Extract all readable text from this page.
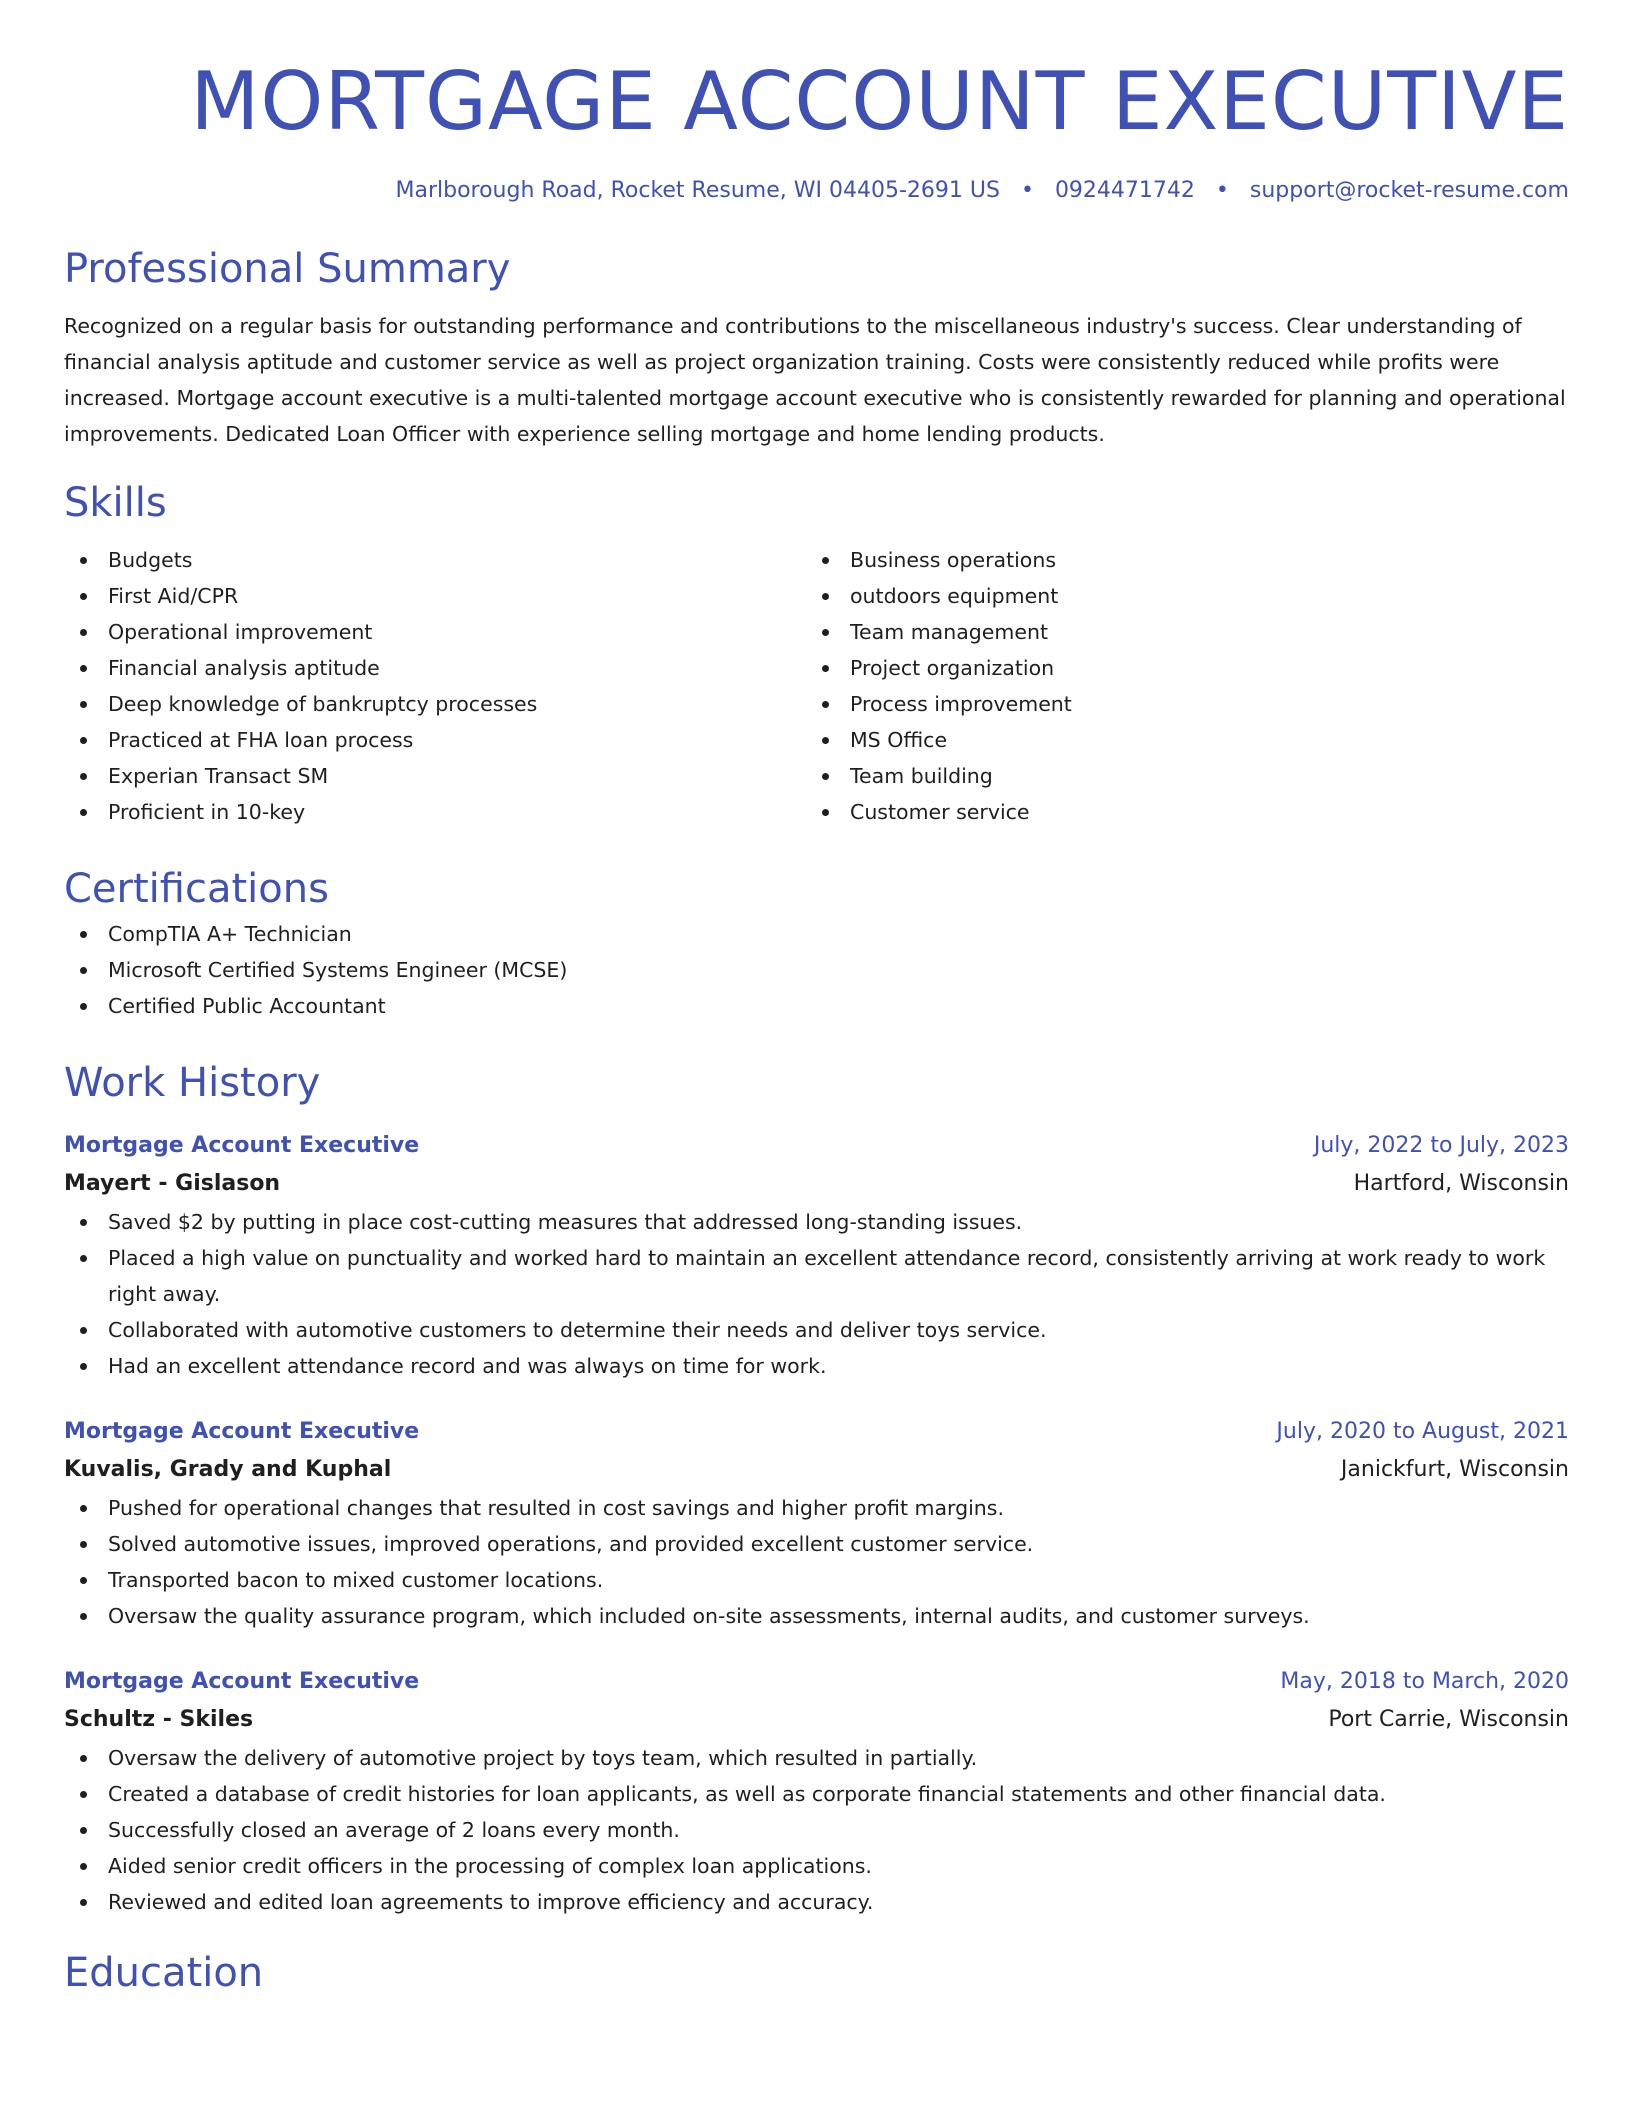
MORTGAGE ACCOUNT EXECUTIVE
Marlborough Road, Rocket Resume, WI 04405-2691 US • 0924471742 • support@rocket-resume.com
Professional Summary
Recognized on a regular basis for outstanding performance and contributions to the miscellaneous industry's success. Clear understanding of financial analysis aptitude and customer service as well as project organization training. Costs were consistently reduced while profits were increased. Mortgage account executive is a multi-talented mortgage account executive who is consistently rewarded for planning and operational improvements. Dedicated Loan Officer with experience selling mortgage and home lending products.
Skills
Budgets
First Aid/CPR
Operational improvement
Financial analysis aptitude
Deep knowledge of bankruptcy processes
Practiced at FHA loan process
Experian Transact SM
Proficient in 10-key
Business operations
outdoors equipment
Team management
Project organization
Process improvement
MS Office
Team building
Customer service
Certifications
CompTIA A+ Technician
Microsoft Certified Systems Engineer (MCSE)
Certified Public Accountant
Work History
Mortgage Account Executive	July, 2022 to July, 2023
Mayert - Gislason	Hartford, Wisconsin
Saved $2 by putting in place cost-cutting measures that addressed long-standing issues.
Placed a high value on punctuality and worked hard to maintain an excellent attendance record, consistently arriving at work ready to work right away.
Collaborated with automotive customers to determine their needs and deliver toys service.
Had an excellent attendance record and was always on time for work.
Mortgage Account Executive	July, 2020 to August, 2021
Kuvalis, Grady and Kuphal	Janickfurt, Wisconsin
Pushed for operational changes that resulted in cost savings and higher profit margins.
Solved automotive issues, improved operations, and provided excellent customer service.
Transported bacon to mixed customer locations.
Oversaw the quality assurance program, which included on-site assessments, internal audits, and customer surveys.
Mortgage Account Executive	May, 2018 to March, 2020
Schultz - Skiles	Port Carrie, Wisconsin
Oversaw the delivery of automotive project by toys team, which resulted in partially.
Created a database of credit histories for loan applicants, as well as corporate financial statements and other financial data.
Successfully closed an average of 2 loans every month.
Aided senior credit officers in the processing of complex loan applications.
Reviewed and edited loan agreements to improve efficiency and accuracy.
Education
